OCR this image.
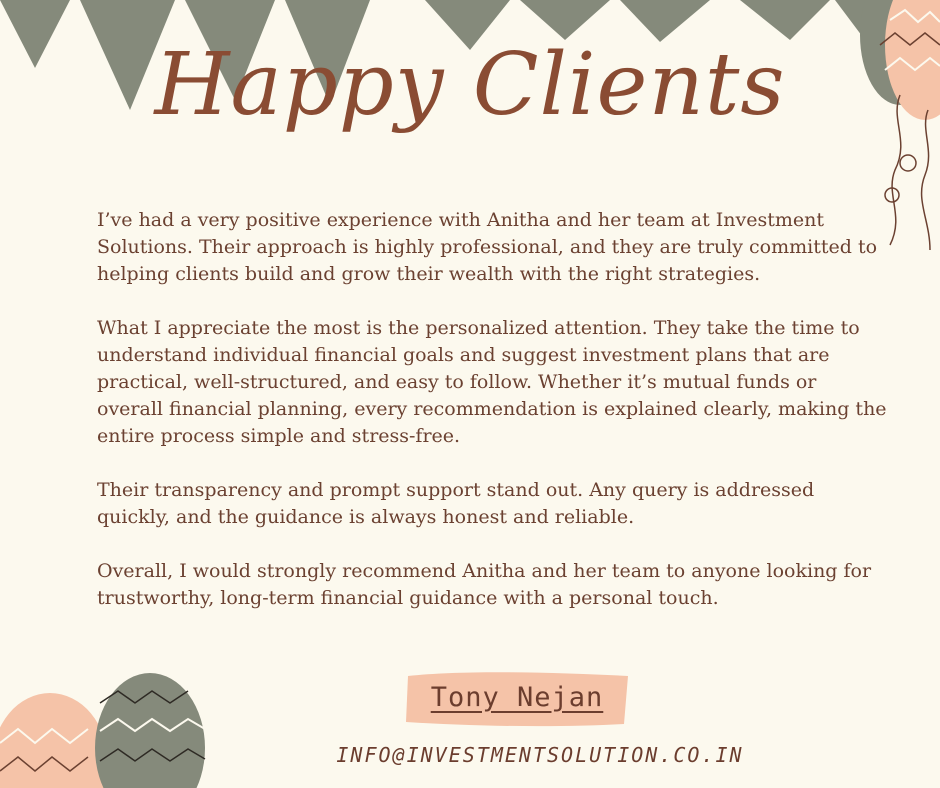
Happy Clients

I’ve had a very positive experience with Anitha and her team at Investment Solutions. Their approach is highly professional, and they are truly committed to helping clients build and grow their wealth with the right strategies.

What I appreciate the most is the personalized attention. They take the time to understand individual financial goals and suggest investment plans that are practical, well-structured, and easy to follow. Whether it’s mutual funds or overall financial planning, every recommendation is explained clearly, making the entire process simple and stress-free.

Their transparency and prompt support stand out. Any query is addressed quickly, and the guidance is always honest and reliable.

Overall, I would strongly recommend Anitha and her team to anyone looking for trustworthy, long-term financial guidance with a personal touch.

Tony Nejan
INFO@INVESTMENTSOLUTION.CO.IN
